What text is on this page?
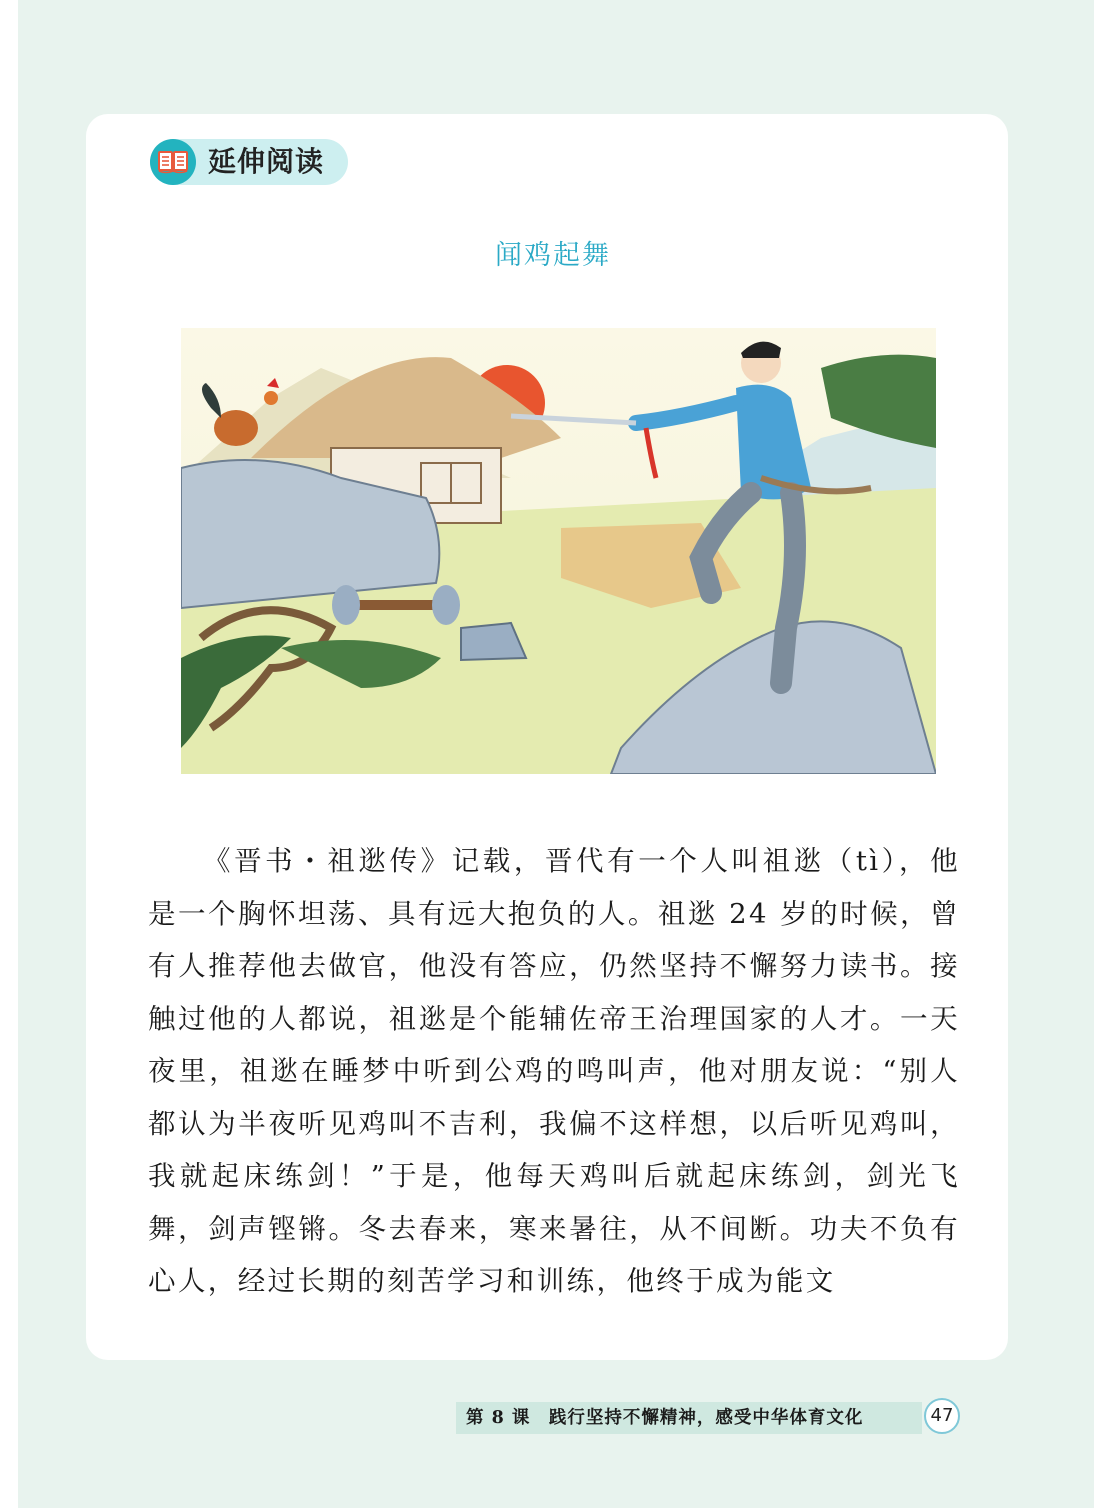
延伸阅读
闻鸡起舞

《晋书・祖逖传》记载，晋代有一个人叫祖逖（tì），他是一个胸怀坦荡、具有远大抱负的人。祖逖 24 岁的时候，曾有人推荐他去做官，他没有答应，仍然坚持不懈努力读书。接触过他的人都说，祖逖是个能辅佐帝王治理国家的人才。一天夜里，祖逖在睡梦中听到公鸡的鸣叫声，他对朋友说：“别人都认为半夜听见鸡叫不吉利，我偏不这样想，以后听见鸡叫，我就起床练剑！”于是，他每天鸡叫后就起床练剑，剑光飞舞，剑声铿锵。冬去春来，寒来暑往，从不间断。功夫不负有心人，经过长期的刻苦学习和训练，他终于成为能文

第 8 课　践行坚持不懈精神，感受中华体育文化	47
